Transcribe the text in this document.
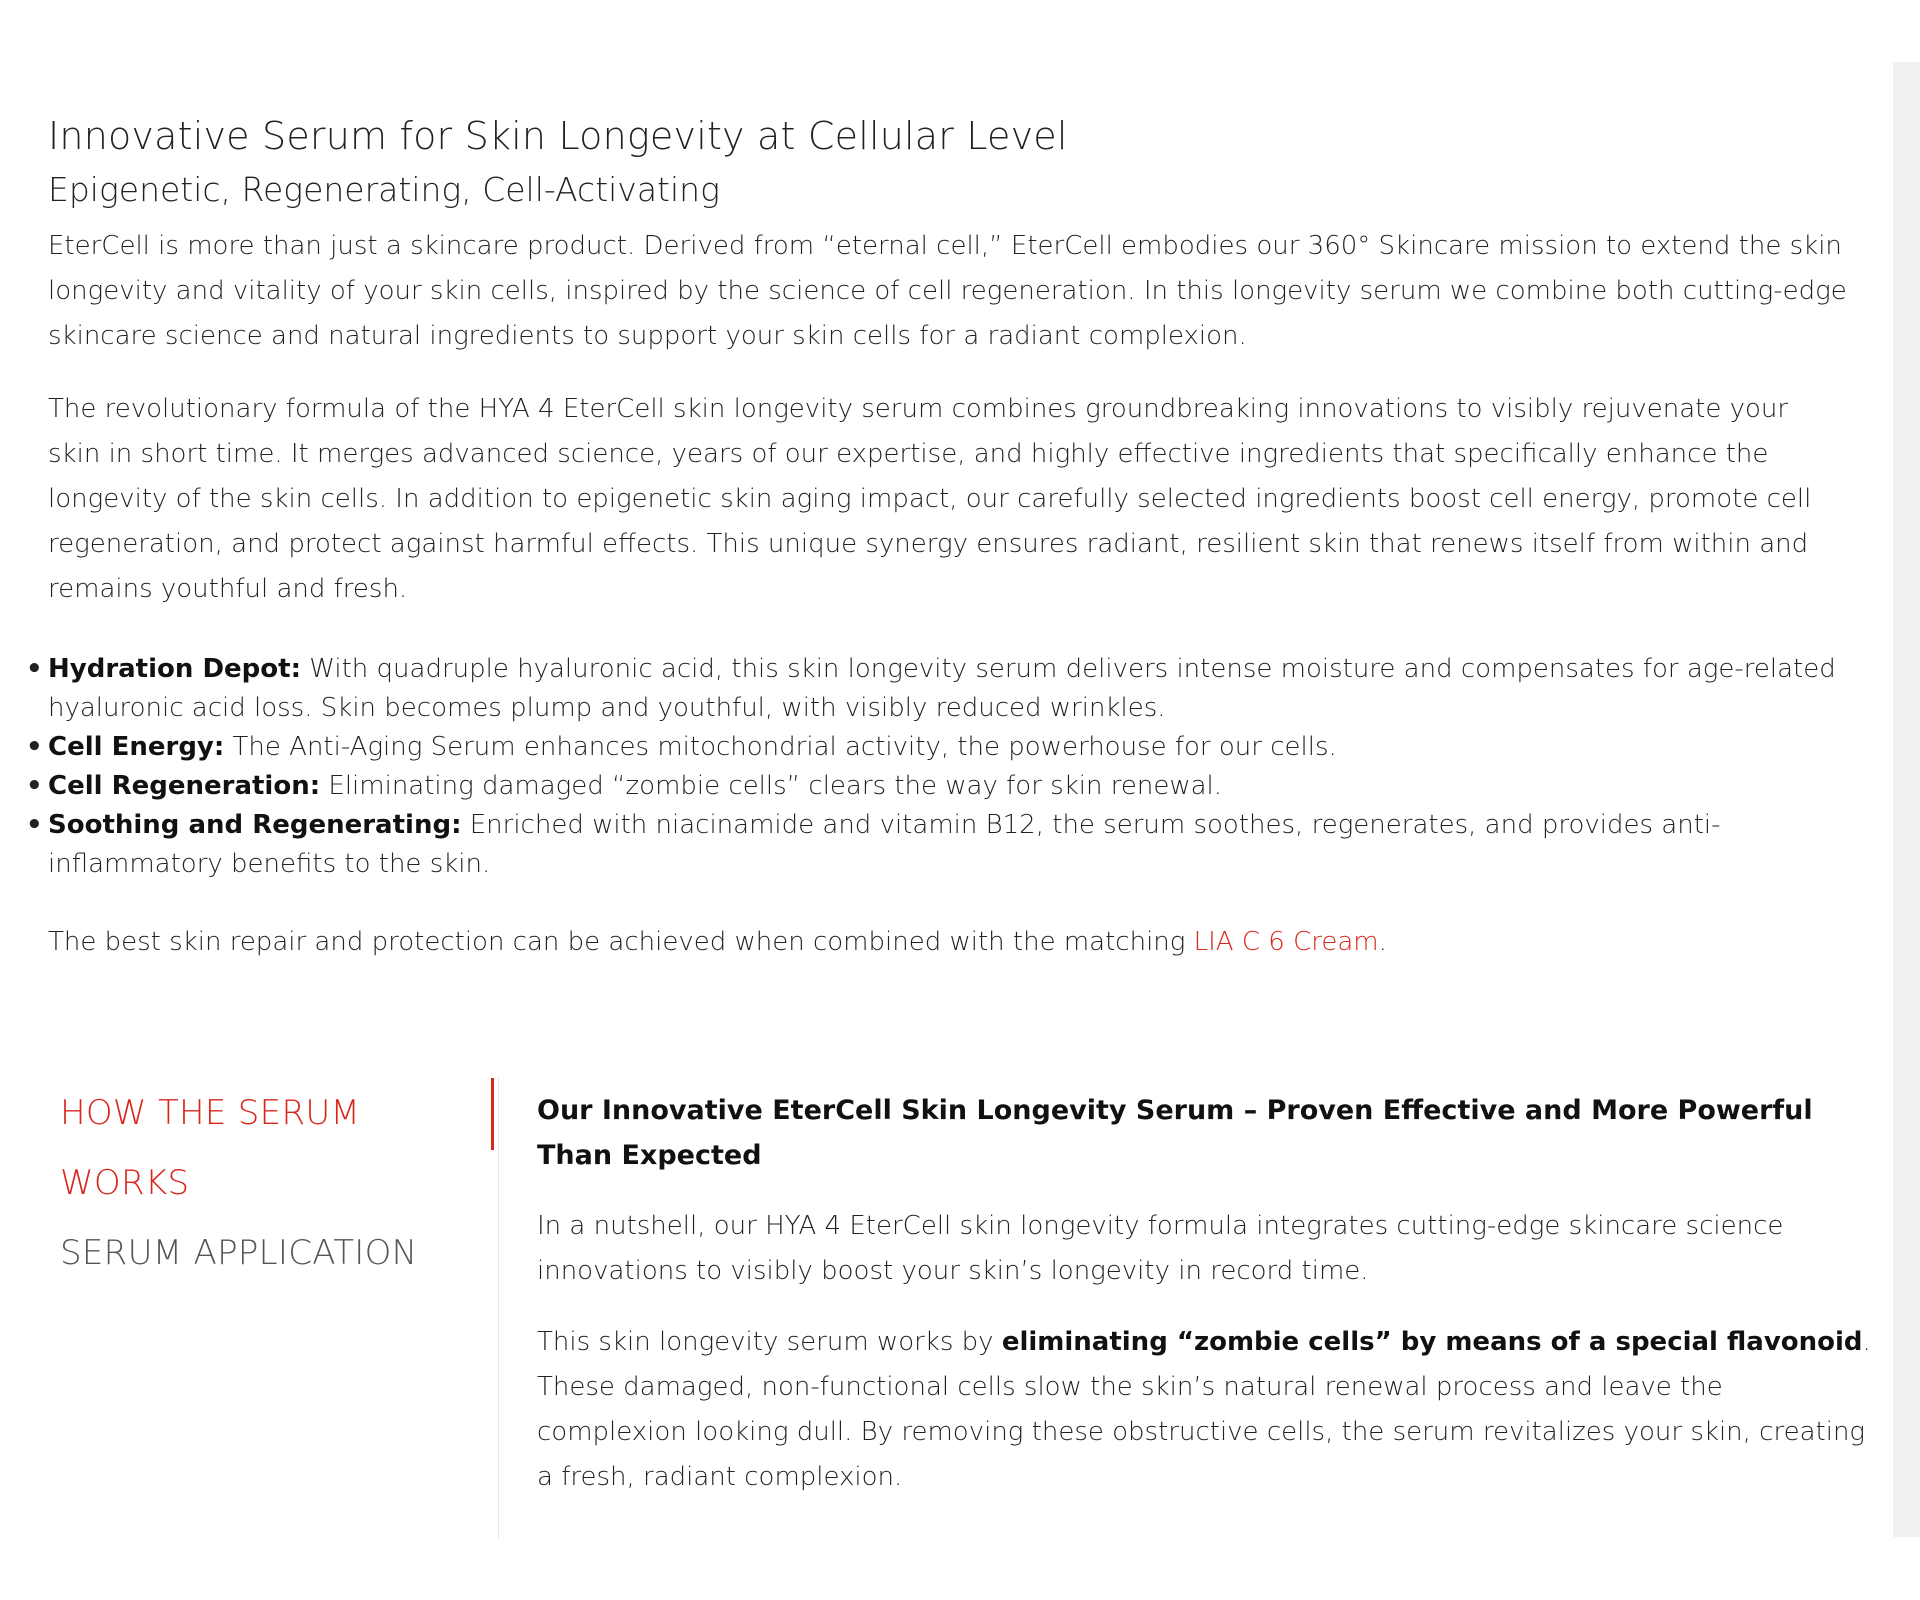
Innovative Serum for Skin Longevity at Cellular Level
Epigenetic, Regenerating, Cell-Activating

EterCell is more than just a skincare product. Derived from “eternal cell,” EterCell embodies our 360° Skincare mission to extend the skin longevity and vitality of your skin cells, inspired by the science of cell regeneration. In this longevity serum we combine both cutting-edge skincare science and natural ingredients to support your skin cells for a radiant complexion.

The revolutionary formula of the HYA 4 EterCell skin longevity serum combines groundbreaking innovations to visibly rejuvenate your skin in short time. It merges advanced science, years of our expertise, and highly effective ingredients that specifically enhance the longevity of the skin cells. In addition to epigenetic skin aging impact, our carefully selected ingredients boost cell energy, promote cell regeneration, and protect against harmful effects. This unique synergy ensures radiant, resilient skin that renews itself from within and remains youthful and fresh.

• Hydration Depot: With quadruple hyaluronic acid, this skin longevity serum delivers intense moisture and compensates for age-related hyaluronic acid loss. Skin becomes plump and youthful, with visibly reduced wrinkles.
• Cell Energy: The Anti-Aging Serum enhances mitochondrial activity, the powerhouse for our cells.
• Cell Regeneration: Eliminating damaged “zombie cells” clears the way for skin renewal.
• Soothing and Regenerating: Enriched with niacinamide and vitamin B12, the serum soothes, regenerates, and provides anti-inflammatory benefits to the skin.

The best skin repair and protection can be achieved when combined with the matching LIA C 6 Cream.

HOW THE SERUM WORKS
SERUM APPLICATION

Our Innovative EterCell Skin Longevity Serum – Proven Effective and More Powerful Than Expected

In a nutshell, our HYA 4 EterCell skin longevity formula integrates cutting-edge skincare science innovations to visibly boost your skin’s longevity in record time.

This skin longevity serum works by eliminating “zombie cells” by means of a special flavonoid. These damaged, non-functional cells slow the skin’s natural renewal process and leave the complexion looking dull. By removing these obstructive cells, the serum revitalizes your skin, creating a fresh, radiant complexion.
